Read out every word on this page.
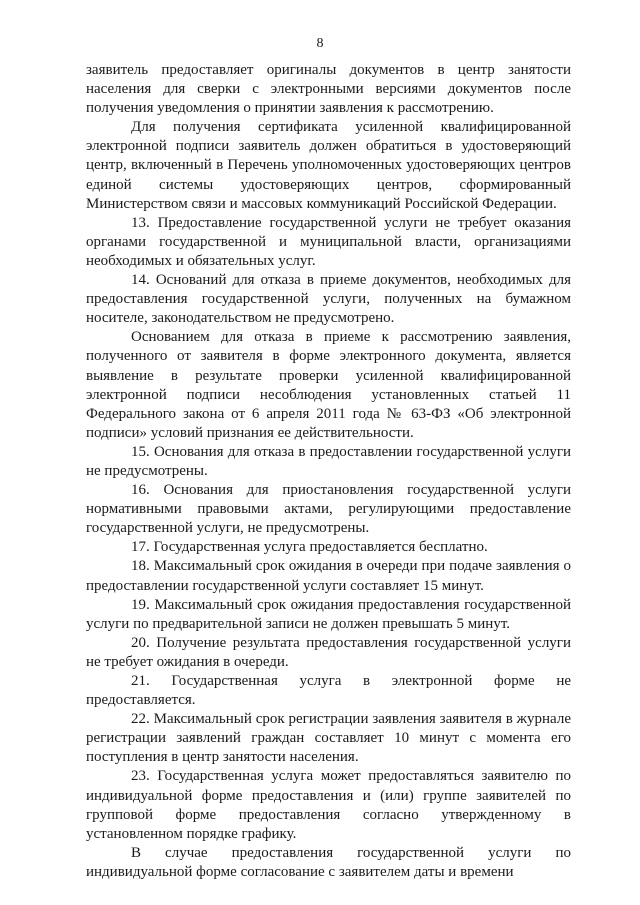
8

заявитель предоставляет оригиналы документов в центр занятости населения для сверки с электронными версиями документов после получения уведомления о принятии заявления к рассмотрению.

Для получения сертификата усиленной квалифицированной электронной подписи заявитель должен обратиться в удостоверяющий центр, включенный в Перечень уполномоченных удостоверяющих центров единой системы удостоверяющих центров, сформированный Министерством связи и массовых коммуникаций Российской Федерации.

13. Предоставление государственной услуги не требует оказания органами государственной и муниципальной власти, организациями необходимых и обязательных услуг.

14. Оснований для отказа в приеме документов, необходимых для предоставления государственной услуги, полученных на бумажном носителе, законодательством не предусмотрено.

Основанием для отказа в приеме к рассмотрению заявления, полученного от заявителя в форме электронного документа, является выявление в результате проверки усиленной квалифицированной электронной подписи несоблюдения установленных статьей 11 Федерального закона от 6 апреля 2011 года № 63-ФЗ «Об электронной подписи» условий признания ее действительности.

15. Основания для отказа в предоставлении государственной услуги не предусмотрены.

16. Основания для приостановления государственной услуги нормативными правовыми актами, регулирующими предоставление государственной услуги, не предусмотрены.

17. Государственная услуга предоставляется бесплатно.

18. Максимальный срок ожидания в очереди при подаче заявления о предоставлении государственной услуги составляет 15 минут.

19. Максимальный срок ожидания предоставления государственной услуги по предварительной записи не должен превышать 5 минут.

20. Получение результата предоставления государственной услуги не требует ожидания в очереди.

21. Государственная услуга в электронной форме не предоставляется.

22. Максимальный срок регистрации заявления заявителя в журнале регистрации заявлений граждан составляет 10 минут с момента его поступления в центр занятости населения.

23. Государственная услуга может предоставляться заявителю по индивидуальной форме предоставления и (или) группе заявителей по групповой форме предоставления согласно утвержденному в установленном порядке графику.

В случае предоставления государственной услуги по индивидуальной форме согласование с заявителем даты и времени
